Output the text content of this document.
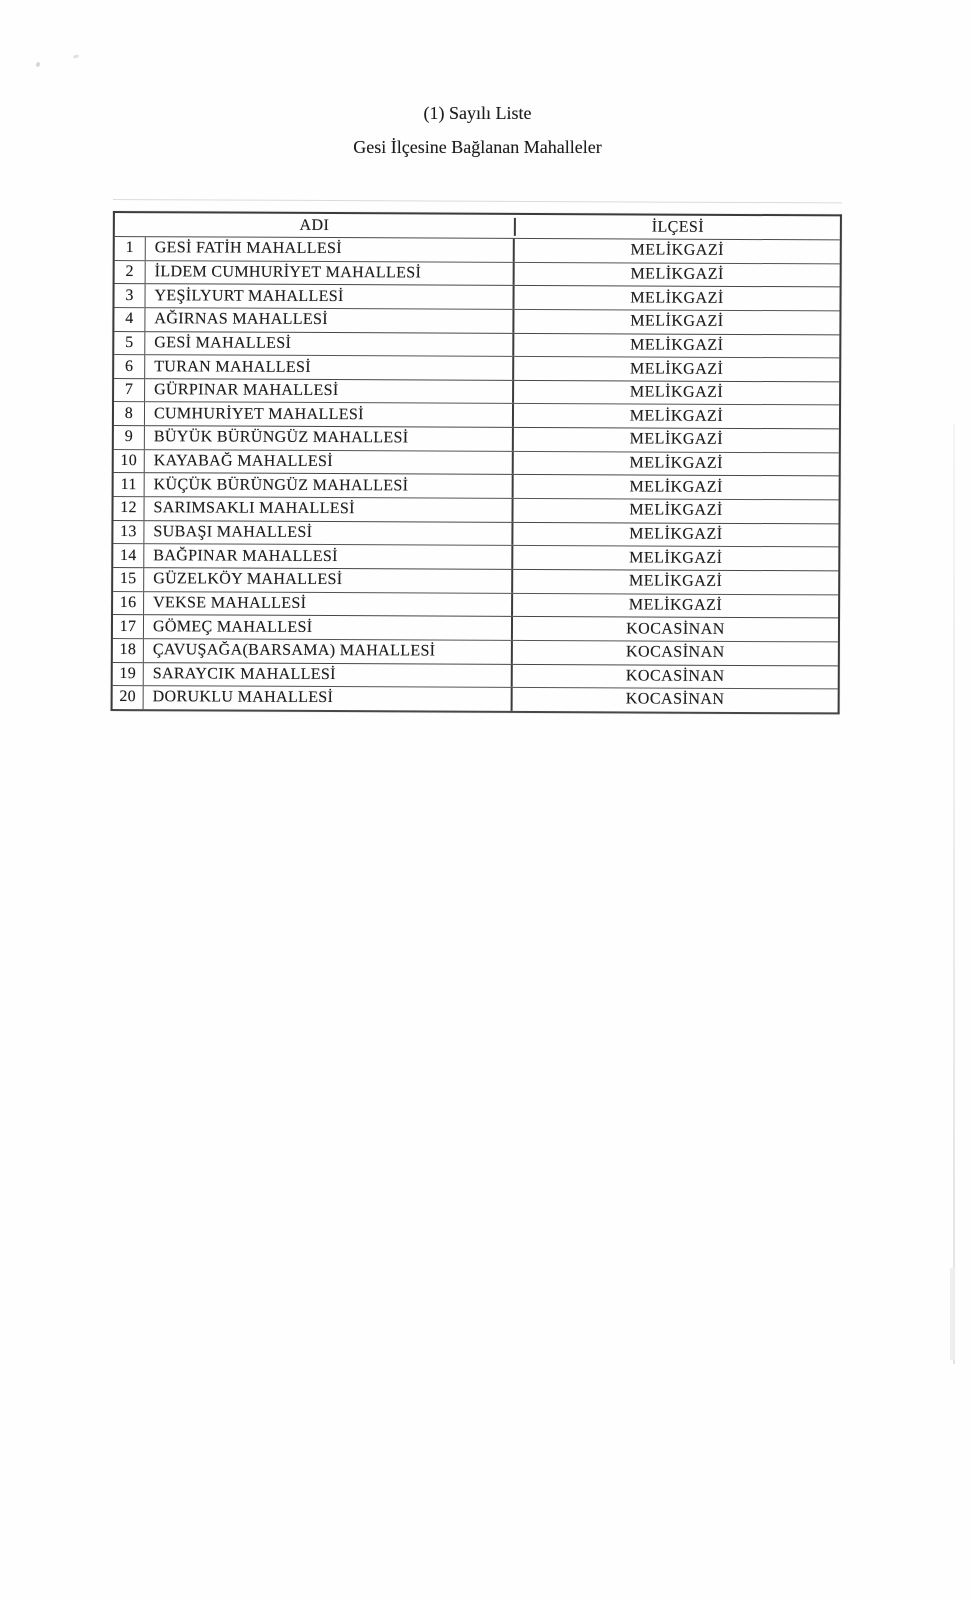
(1) Sayılı Liste
Gesi İlçesine Bağlanan Mahalleler
ADI	İLÇESİ
1	GESİ FATİH MAHALLESİ	MELİKGAZİ
2	İLDEM CUMHURİYET MAHALLESİ	MELİKGAZİ
3	YEŞİLYURT MAHALLESİ	MELİKGAZİ
4	AĞIRNAS MAHALLESİ	MELİKGAZİ
5	GESİ MAHALLESİ	MELİKGAZİ
6	TURAN MAHALLESİ	MELİKGAZİ
7	GÜRPINAR MAHALLESİ	MELİKGAZİ
8	CUMHURİYET MAHALLESİ	MELİKGAZİ
9	BÜYÜK BÜRÜNGÜZ MAHALLESİ	MELİKGAZİ
10	KAYABAĞ MAHALLESİ	MELİKGAZİ
11	KÜÇÜK BÜRÜNGÜZ MAHALLESİ	MELİKGAZİ
12	SARIMSAKLI MAHALLESİ	MELİKGAZİ
13	SUBAŞI MAHALLESİ	MELİKGAZİ
14	BAĞPINAR MAHALLESİ	MELİKGAZİ
15	GÜZELKÖY MAHALLESİ	MELİKGAZİ
16	VEKSE MAHALLESİ	MELİKGAZİ
17	GÖMEÇ MAHALLESİ	KOCASİNAN
18	ÇAVUŞAĞA(BARSAMA) MAHALLESİ	KOCASİNAN
19	SARAYCIK MAHALLESİ	KOCASİNAN
20	DORUKLU MAHALLESİ	KOCASİNAN
